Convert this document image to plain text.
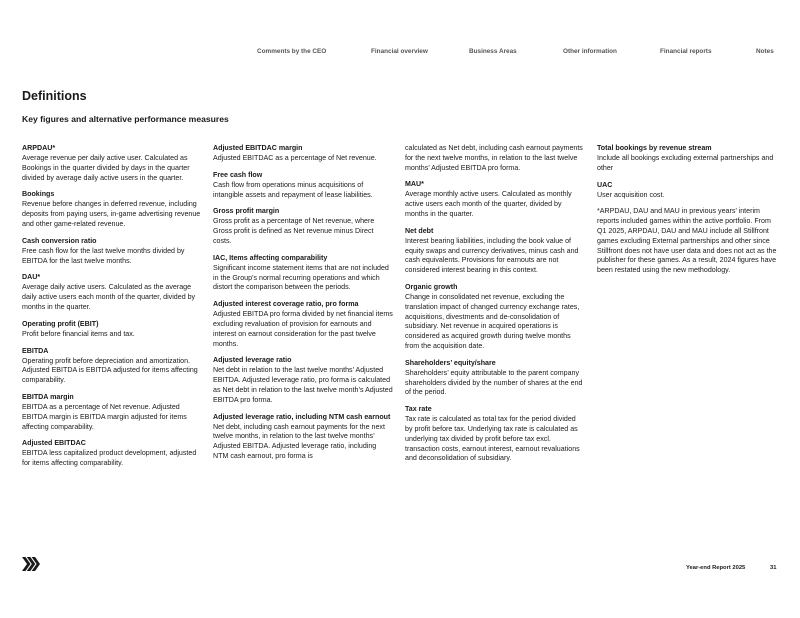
Comments by the CEO	Financial overview	Business Areas	Other information	Financial reports	Notes
Definitions
Key figures and alternative performance measures
ARPDAU*
Average revenue per daily active user. Calculated as Bookings in the quarter divided by days in the quarter divided by average daily active users in the quarter.
Bookings
Revenue before changes in deferred revenue, including deposits from paying users, in-game advertising revenue and other game-related revenue.
Cash conversion ratio
Free cash flow for the last twelve months divided by EBITDA for the last twelve months.
DAU*
Average daily active users. Calculated as the average daily active users each month of the quarter, divided by months in the quarter.
Operating profit (EBIT)
Profit before financial items and tax.
EBITDA
Operating profit before depreciation and amortization. Adjusted EBITDA is EBITDA adjusted for items affecting comparability.
EBITDA margin
EBITDA as a percentage of Net revenue. Adjusted EBITDA margin is EBITDA margin adjusted for items affecting comparability.
Adjusted EBITDAC
EBITDA less capitalized product development, adjusted for items affecting comparability.
Adjusted EBITDAC margin
Adjusted EBITDAC as a percentage of Net revenue.
Free cash flow
Cash flow from operations minus acquisitions of intangible assets and repayment of lease liabilities.
Gross profit margin
Gross profit as a percentage of Net revenue, where Gross profit is defined as Net revenue minus Direct costs.
IAC, Items affecting comparability
Significant income statement items that are not included in the Group’s normal recurring operations and which distort the comparison between the periods.
Adjusted interest coverage ratio, pro forma
Adjusted EBITDA pro forma divided by net financial items excluding revaluation of provision for earnouts and interest on earnout consideration for the past twelve months.
Adjusted leverage ratio
Net debt in relation to the last twelve months’ Adjusted EBITDA. Adjusted leverage ratio, pro forma is calculated as Net debt in relation to the last twelve month’s Adjusted EBITDA pro forma.
Adjusted leverage ratio, including NTM cash earnout
Net debt, including cash earnout payments for the next twelve months, in relation to the last twelve months’ Adjusted EBITDA. Adjusted leverage ratio, including NTM cash earnout, pro forma is
calculated as Net debt, including cash earnout payments for the next twelve months, in relation to the last twelve months’ Adjusted EBITDA pro forma.
MAU*
Average monthly active users. Calculated as monthly active users each month of the quarter, divided by months in the quarter.
Net debt
Interest bearing liabilities, including the book value of equity swaps and currency derivatives, minus cash and cash equivalents. Provisions for earnouts are not considered interest bearing in this context.
Organic growth
Change in consolidated net revenue, excluding the translation impact of changed currency exchange rates, acquisitions, divestments and de-consolidation of subsidiary. Net revenue in acquired operations is considered as acquired growth during twelve months from the acquisition date.
Shareholders’ equity/share
Shareholders’ equity attributable to the parent company shareholders divided by the number of shares at the end of the period.
Tax rate
Tax rate is calculated as total tax for the period divided by profit before tax. Underlying tax rate is calculated as underlying tax divided by profit before tax excl. transaction costs, earnout interest, earnout revaluations and deconsolidation of subsidiary.
Total bookings by revenue stream
Include all bookings excluding external partnerships and other
UAC
User acquisition cost.
*ARPDAU, DAU and MAU in previous years’ interim reports included games within the active portfolio. From Q1 2025, ARPDAU, DAU and MAU include all Stillfront games excluding External partnerships and other since Stillfront does not have user data and does not act as the publisher for these games. As a result, 2024 figures have been restated using the new methodology.
Year-end Report 2025	31
